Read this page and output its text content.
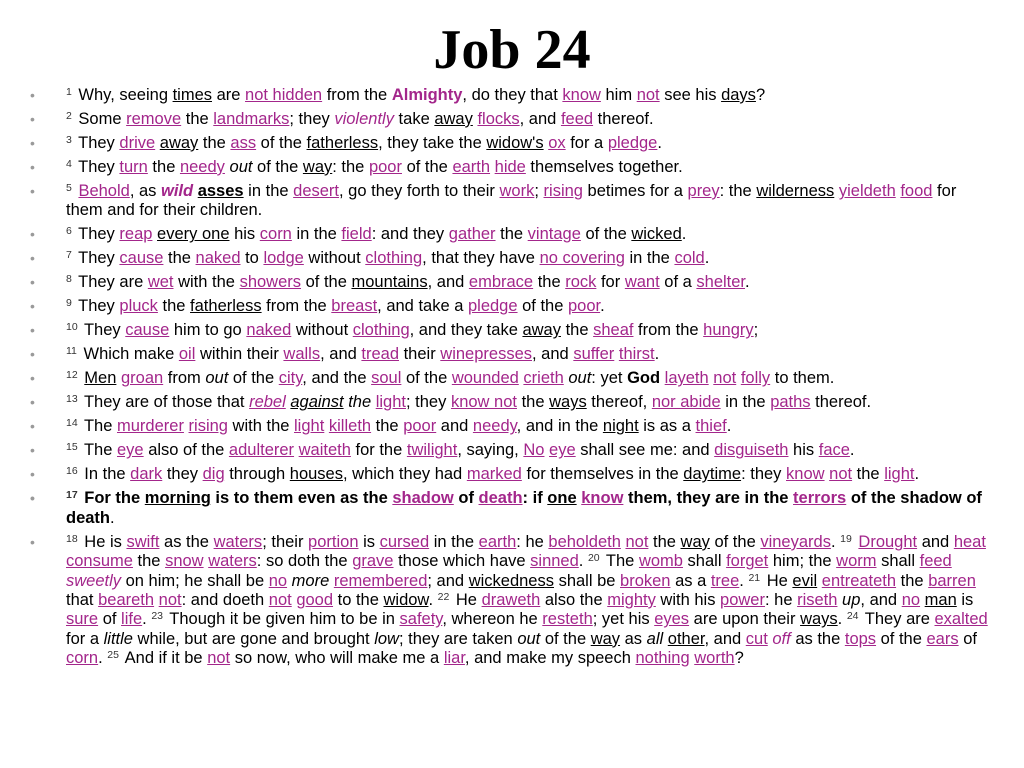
Job 24
•	$^1$ Why, seeing times are not hidden from the Almighty, do they that know him not see his days?
•	$^2$ Some remove the landmarks; they violently take away flocks, and feed thereof.
•	$^3$ They drive away the ass of the fatherless, they take the widow's ox for a pledge.
•	$^4$ They turn the needy out of the way: the poor of the earth hide themselves together.
•	$^5$ Behold, as wild asses in the desert, go they forth to their work; rising betimes for a prey: the wilderness yieldeth food for them and for their children.
•	$^6$ They reap every one his corn in the field: and they gather the vintage of the wicked.
•	$^7$ They cause the naked to lodge without clothing, that they have no covering in the cold.
•	$^8$ They are wet with the showers of the mountains, and embrace the rock for want of a shelter.
•	$^9$ They pluck the fatherless from the breast, and take a pledge of the poor.
•	$^{10}$ They cause him to go naked without clothing, and they take away the sheaf from the hungry;
•	$^{11}$ Which make oil within their walls, and tread their winepresses, and suffer thirst.
•	$^{12}$ Men groan from out of the city, and the soul of the wounded crieth out: yet God layeth not folly to them.
•	$^{13}$ They are of those that rebel against the light; they know not the ways thereof, nor abide in the paths thereof.
•	$^{14}$ The murderer rising with the light killeth the poor and needy, and in the night is as a thief.
•	$^{15}$ The eye also of the adulterer waiteth for the twilight, saying, No eye shall see me: and disguiseth his face.
•	$^{16}$ In the dark they dig through houses, which they had marked for themselves in the daytime: they know not the light.
•	$^{17}$ For the morning is to them even as the shadow of death: if one know them, they are in the terrors of the shadow of death.
•	$^{18}$ He is swift as the waters; their portion is cursed in the earth: he beholdeth not the way of the vineyards. $^{19}$ Drought and heat consume the snow waters: so doth the grave those which have sinned. $^{20}$ The womb shall forget him; the worm shall feed sweetly on him; he shall be no more remembered; and wickedness shall be broken as a tree. $^{21}$ He evil entreateth the barren that beareth not: and doeth not good to the widow. $^{22}$ He draweth also the mighty with his power: he riseth up, and no man is sure of life. $^{23}$ Though it be given him to be in safety, whereon he resteth; yet his eyes are upon their ways. $^{24}$ They are exalted for a little while, but are gone and brought low; they are taken out of the way as all other, and cut off as the tops of the ears of corn. $^{25}$ And if it be not so now, who will make me a liar, and make my speech nothing worth?
